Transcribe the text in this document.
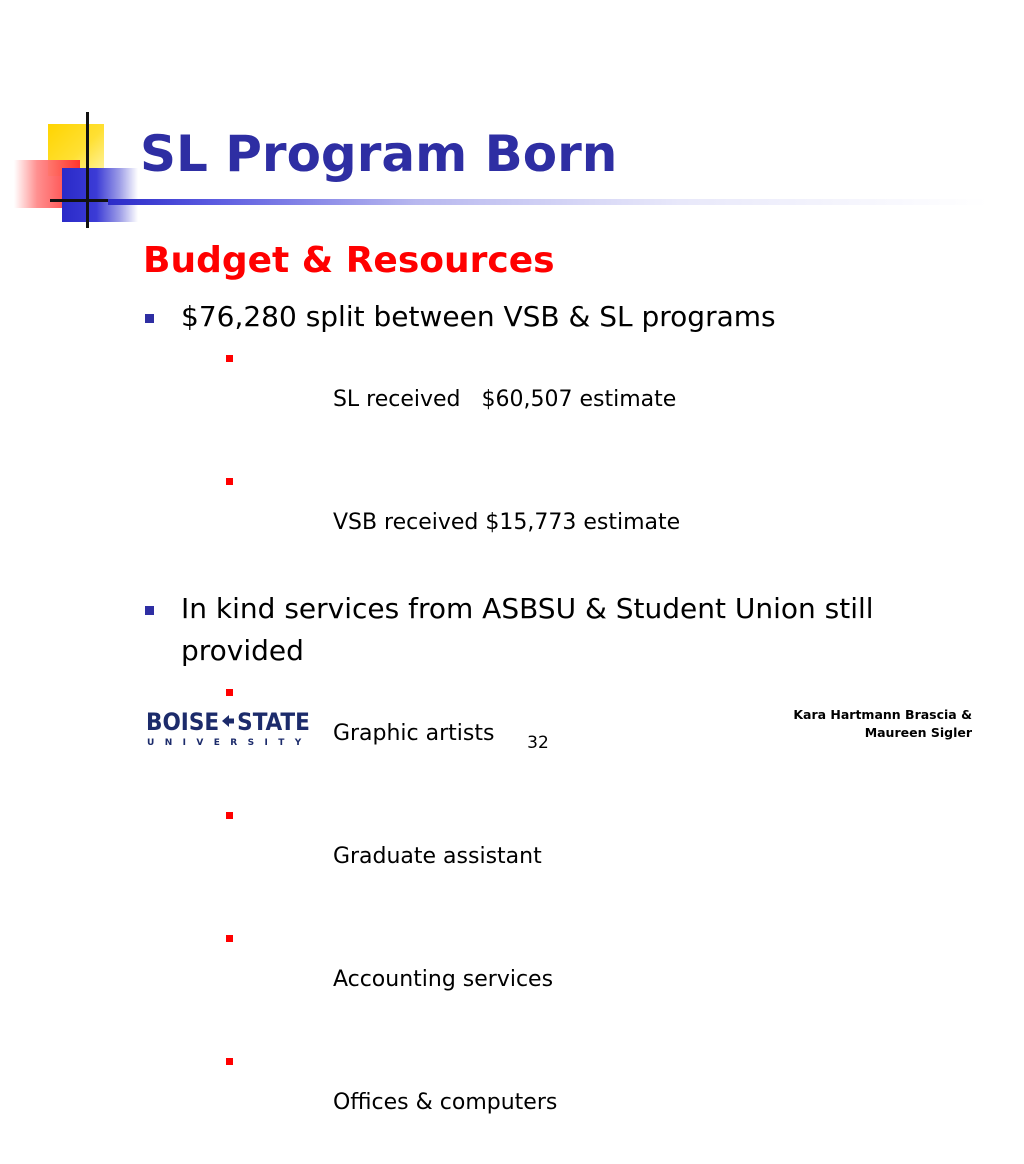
SL Program Born
Budget & Resources
$76,280 split between VSB & SL programs

SL received   $60,507 estimate

VSB received $15,773 estimate

In kind services from ASBSU & Student Union still provided

Graphic artists

Graduate assistant

Accounting services

Offices & computers

BOISE STATE
UNIVERSITY	32
Kara Hartmann Brascia &
Maureen Sigler
